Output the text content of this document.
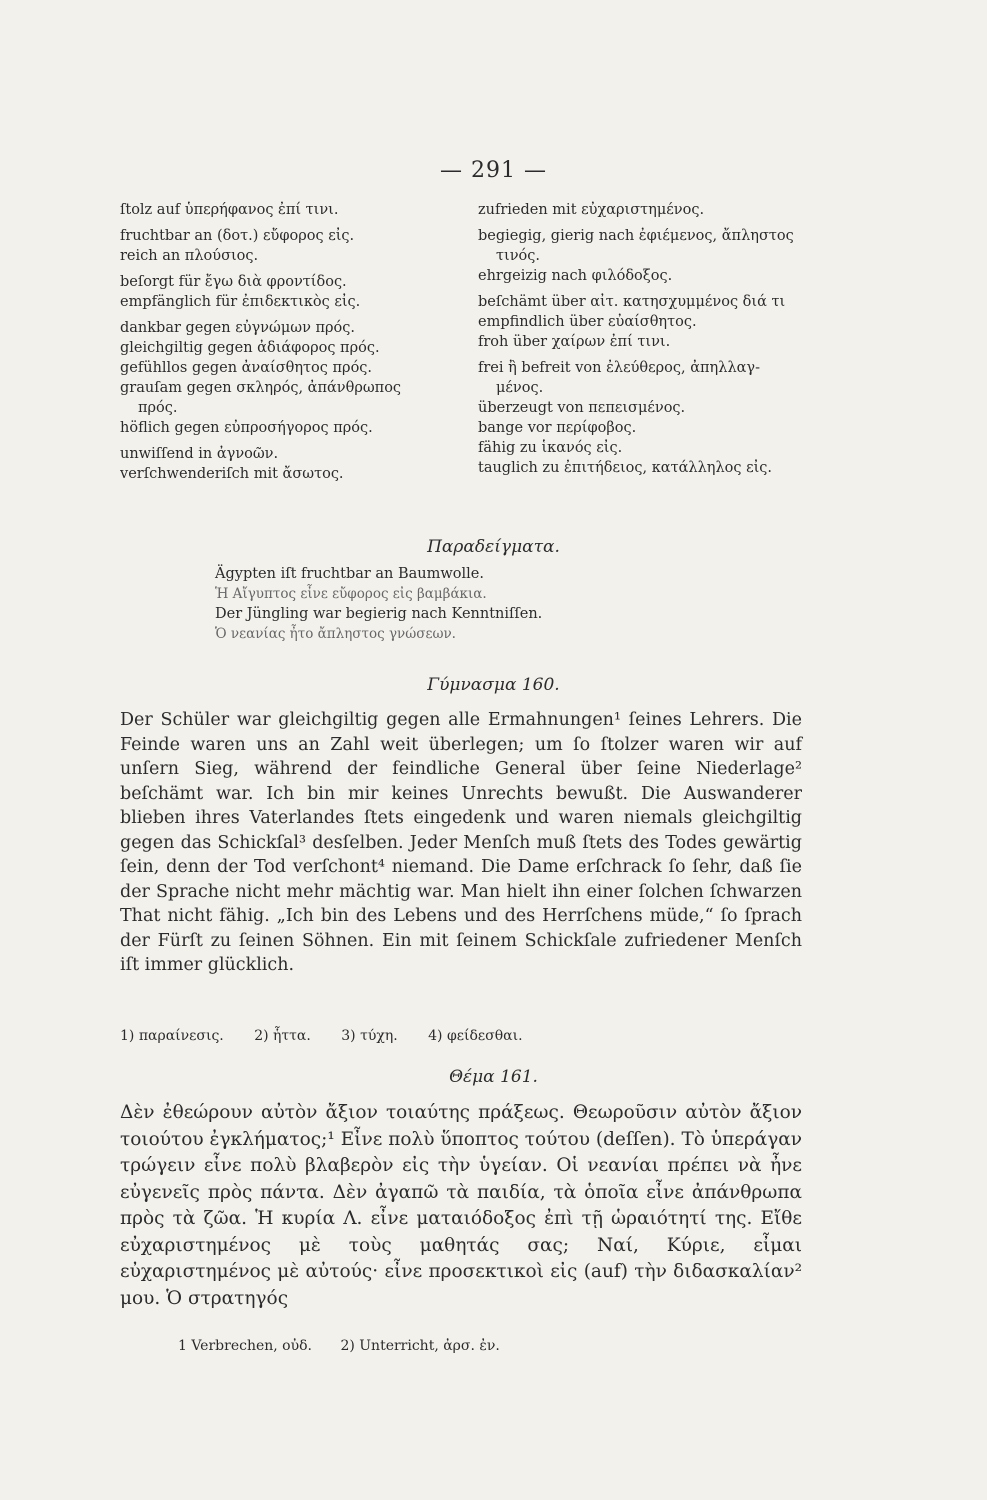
— 291 —
ſtolz auf ὑπερήφανος ἐπί τινι.
fruchtbar an (δοτ.) εὔφορος εἰς.
reich an πλούσιος.
beſorgt für ἔγω διὰ φροντίδος.
empfänglich für ἐπιδεκτικὸς εἰς.
dankbar gegen εὐγνώμων πρός.
gleichgiltig gegen ἀδιάφορος πρός.
gefühllos gegen ἀναίσθητος πρός.
grauſam gegen σκληρός, ἀπάνθρωπος
πρός.
höflich gegen εὐπροσήγορος πρός.
unwiſſend in ἀγνοῶν.
verſchwenderiſch mit ἄσωτος.
zufrieden mit εὐχαριστημένος.
begiegig, gierig nach ἐφιέμενος, ἄπληστος
τινός.
ehrgeizig nach φιλόδοξος.
beſchämt über αἰτ. κατησχυμμένος διά τι
empfindlich über εὐαίσθητος.
froh über χαίρων ἐπί τινι.
frei ἢ befreit von ἐλεύθερος, ἀπηλλαγ-
μένος.
überzeugt von πεπεισμένος.
bange vor περίφοβος.
fähig zu ἱκανός εἰς.
tauglich zu ἐπιτήδειος, κατάλληλος εἰς.
Παραδείγματα.
Ägypten iſt fruchtbar an Baumwolle.
Ἡ Αἴγυπτος εἶνε εὔφορος εἰς βαμβάκια.
Der Jüngling war begierig nach Kenntniſſen.
Ὁ νεανίας ἦτο ἄπληστος γνώσεων.
Γύμνασμα 160.
Der Schüler war gleichgiltig gegen alle Ermahnungen¹ ſeines Lehrers. Die Feinde waren uns an Zahl weit überlegen; um ſo ſtolzer waren wir auf unſern Sieg, während der feindliche General über ſeine Niederlage² beſchämt war. Ich bin mir keines Unrechts bewußt. Die Auswanderer blieben ihres Vaterlandes ſtets eingedenk und waren niemals gleichgiltig gegen das Schickſal³ desſelben. Jeder Menſch muß ſtets des Todes gewärtig ſein, denn der Tod verſchont⁴ niemand. Die Dame erſchrack ſo ſehr, daß ſie der Sprache nicht mehr mächtig war. Man hielt ihn einer ſolchen ſchwarzen That nicht fähig. „Ich bin des Lebens und des Herrſchens müde,“ ſo ſprach der Fürſt zu ſeinen Söhnen. Ein mit ſeinem Schickſale zufriedener Menſch iſt immer glücklich.
1) παραίνεσις. 2) ἧττα. 3) τύχη. 4) φείδεσθαι.
Θέμα 161.
Δὲν ἐθεώρουν αὐτὸν ἄξιον τοιαύτης πράξεως. Θεωροῦσιν αὐτὸν ἄξιον τοιούτου ἐγκλήματος;¹ Εἶνε πολὺ ὕποπτος τούτου (deſſen). Τὸ ὑπεράγαν τρώγειν εἶνε πολὺ βλαβερὸν εἰς τὴν ὑγείαν. Οἱ νεανίαι πρέπει νὰ ἦνε εὐγενεῖς πρὸς πάντα. Δὲν ἀγαπῶ τὰ παιδία, τὰ ὁποῖα εἶνε ἀπάνθρωπα πρὸς τὰ ζῶα. Ἡ κυρία Λ. εἶνε ματαιόδοξος ἐπὶ τῇ ὡραιότητί της. Εἴθε εὐχαριστημένος μὲ τοὺς μαθητάς σας; Ναί, Κύριε, εἶμαι εὐχαριστημένος μὲ αὐτούς· εἶνε προσεκτικοὶ εἰς (auf) τὴν διδασκαλίαν² μου. Ὁ στρατηγός
1 Verbrechen, οὐδ. 2) Unterricht, ἀρσ. ἐν.
